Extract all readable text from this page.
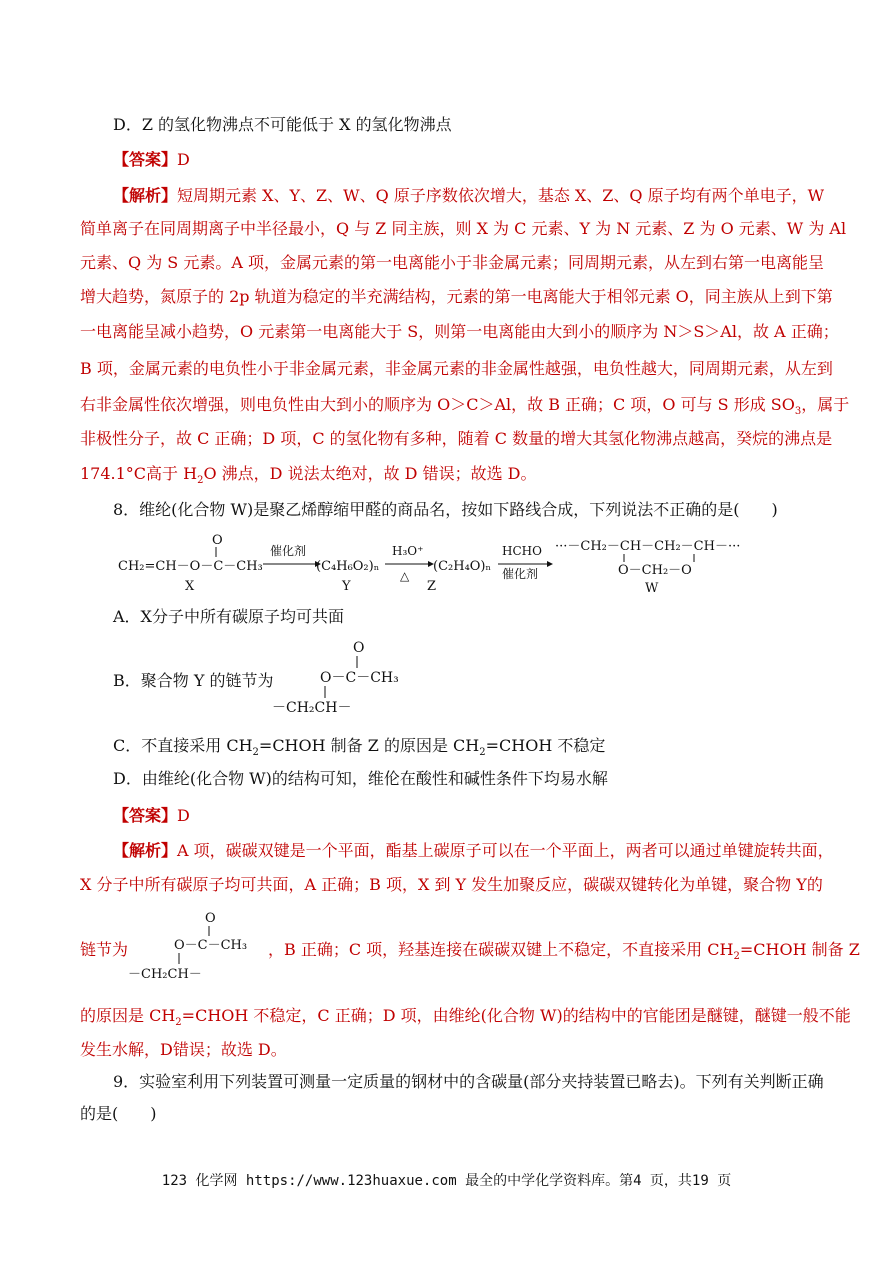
D．Z 的氢化物沸点不可能低于 X 的氢化物沸点
【答案】D
【解析】短周期元素 X、Y、Z、W、Q 原子序数依次增大，基态 X、Z、Q 原子均有两个单电子，W
简单离子在同周期离子中半径最小，Q 与 Z 同主族，则 X 为 C 元素、Y 为 N 元素、Z 为 O 元素、W 为 Al
元素、Q 为 S 元素。A 项，金属元素的第一电离能小于非金属元素；同周期元素，从左到右第一电离能呈
增大趋势，氮原子的 2p 轨道为稳定的半充满结构，元素的第一电离能大于相邻元素 O，同主族从上到下第
一电离能呈减小趋势，O 元素第一电离能大于 S，则第一电离能由大到小的顺序为 N＞S＞Al，故 A 正确；
B 项，金属元素的电负性小于非金属元素，非金属元素的非金属性越强，电负性越大，同周期元素，从左到
右非金属性依次增强，则电负性由大到小的顺序为 O＞C＞Al，故 B 正确；C 项，O 可与 S 形成 $SO_3$，属于
非极性分子，故 C 正确；D 项，C 的氢化物有多种，随着 C 数量的增大其氢化物沸点越高，癸烷的沸点是
174.1°C高于 $H_2O$ 沸点，D 说法太绝对，故 D 错误；故选 D。
8．维纶(化合物 W)是聚乙烯醇缩甲醛的商品名，按如下路线合成，下列说法不正确的是(　　)
O
CH₂=CH－O－C－CH₃
X
催化剂
(C₄H₆O₂)ₙ
Y
H₃O⁺
△
(C₂H₄O)ₙ
Z
HCHO
催化剂
···－CH₂－CH－CH₂－CH－···
O－CH₂－O
W
A．X分子中所有碳原子均可共面
B．聚合物 Y 的链节为
O
O－C－CH₃
－CH₂CH－
C．不直接采用 $CH_2=CHOH$ 制备 Z 的原因是 $CH_2=CHOH$ 不稳定
D．由维纶(化合物 W)的结构可知，维伦在酸性和碱性条件下均易水解
【答案】D
【解析】A 项，碳碳双键是一个平面，酯基上碳原子可以在一个平面上，两者可以通过单键旋转共面，
X 分子中所有碳原子均可共面，A 正确；B 项，X 到 Y 发生加聚反应，碳碳双键转化为单键，聚合物 Y的
链节为
O
O－C－CH₃
－CH₂CH－
，B 正确；C 项，羟基连接在碳碳双键上不稳定，不直接采用 $CH_2=CHOH$ 制备 Z
的原因是 $CH_2=CHOH$ 不稳定，C 正确；D 项，由维纶(化合物 W)的结构中的官能团是醚键，醚键一般不能
发生水解，D错误；故选 D。
9．实验室利用下列装置可测量一定质量的钢材中的含碳量(部分夹持装置已略去)。下列有关判断正确
的是(　　)
123 化学网 https://www.123huaxue.com 最全的中学化学资料库。第4 页，共19 页
